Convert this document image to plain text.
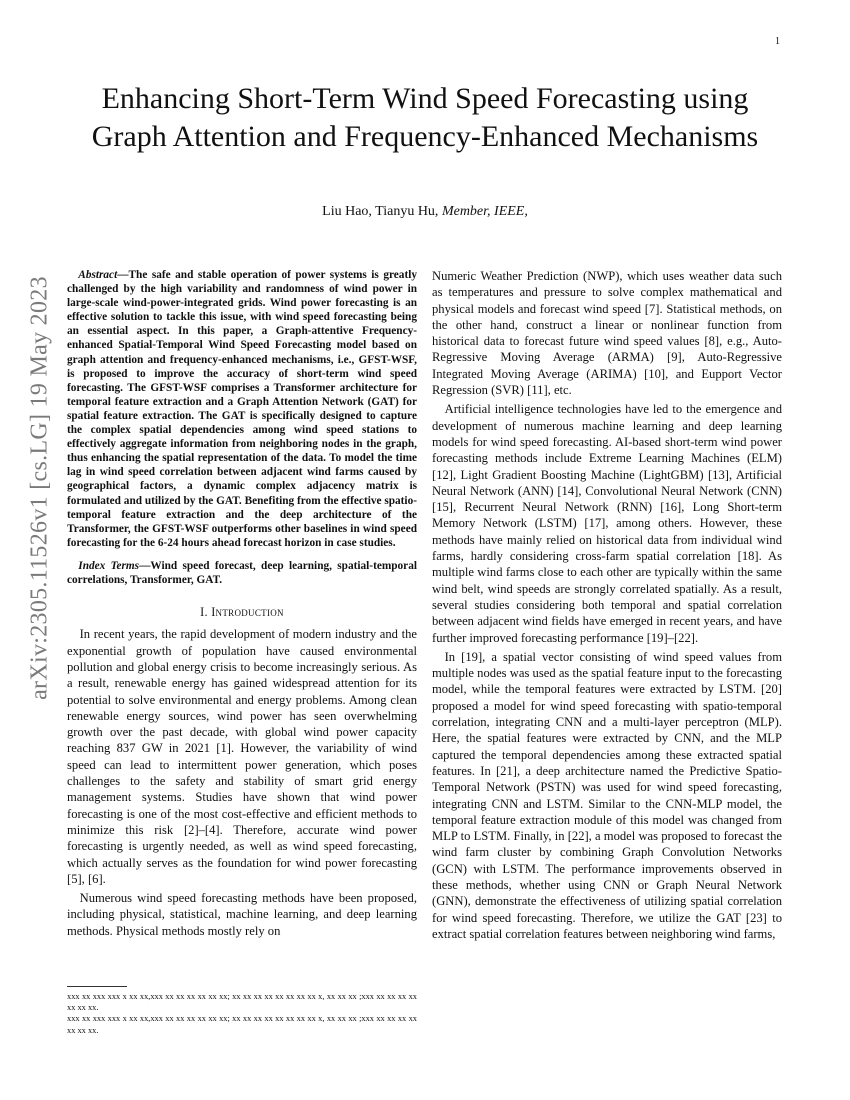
1
arXiv:2305.11526v1 [cs.LG] 19 May 2023
Enhancing Short-Term Wind Speed Forecasting using Graph Attention and Frequency-Enhanced Mechanisms
Liu Hao, Tianyu Hu, Member, IEEE,

Abstract—The safe and stable operation of power systems is greatly challenged by the high variability and randomness of wind power in large-scale wind-power-integrated grids. Wind power forecasting is an effective solution to tackle this issue, with wind speed forecasting being an essential aspect. In this paper, a Graph-attentive Frequency-enhanced Spatial-Temporal Wind Speed Forecasting model based on graph attention and frequency-enhanced mechanisms, i.e., GFST-WSF, is proposed to improve the accuracy of short-term wind speed forecasting. The GFST-WSF comprises a Transformer architecture for temporal feature extraction and a Graph Attention Network (GAT) for spatial feature extraction. The GAT is specifically designed to capture the complex spatial dependencies among wind speed stations to effectively aggregate information from neighboring nodes in the graph, thus enhancing the spatial representation of the data. To model the time lag in wind speed correlation between adjacent wind farms caused by geographical factors, a dynamic complex adjacency matrix is formulated and utilized by the GAT. Benefiting from the effective spatio-temporal feature extraction and the deep architecture of the Transformer, the GFST-WSF outperforms other baselines in wind speed forecasting for the 6-24 hours ahead forecast horizon in case studies.

Index Terms—Wind speed forecast, deep learning, spatial-temporal correlations, Transformer, GAT.

I. Introduction

In recent years, the rapid development of modern industry and the exponential growth of population have caused environmental pollution and global energy crisis to become increasingly serious. As a result, renewable energy has gained widespread attention for its potential to solve environmental and energy problems. Among clean renewable energy sources, wind power has seen overwhelming growth over the past decade, with global wind power capacity reaching 837 GW in 2021 [1]. However, the variability of wind speed can lead to intermittent power generation, which poses challenges to the safety and stability of smart grid energy management systems. Studies have shown that wind power forecasting is one of the most cost-effective and efficient methods to minimize this risk [2]–[4]. Therefore, accurate wind power forecasting is urgently needed, as well as wind speed forecasting, which actually serves as the foundation for wind power forecasting [5], [6].

Numerous wind speed forecasting methods have been proposed, including physical, statistical, machine learning, and deep learning methods. Physical methods mostly rely on

Numeric Weather Prediction (NWP), which uses weather data such as temperatures and pressure to solve complex mathematical and physical models and forecast wind speed [7]. Statistical methods, on the other hand, construct a linear or nonlinear function from historical data to forecast future wind speed values [8], e.g., Auto-Regressive Moving Average (ARMA) [9], Auto-Regressive Integrated Moving Average (ARIMA) [10], and Eupport Vector Regression (SVR) [11], etc.

Artificial intelligence technologies have led to the emergence and development of numerous machine learning and deep learning models for wind speed forecasting. AI-based short-term wind power forecasting methods include Extreme Learning Machines (ELM) [12], Light Gradient Boosting Machine (LightGBM) [13], Artificial Neural Network (ANN) [14], Convolutional Neural Network (CNN) [15], Recurrent Neural Network (RNN) [16], Long Short-term Memory Network (LSTM) [17], among others. However, these methods have mainly relied on historical data from individual wind farms, hardly considering cross-farm spatial correlation [18]. As multiple wind farms close to each other are typically within the same wind belt, wind speeds are strongly correlated spatially. As a result, several studies considering both temporal and spatial correlation between adjacent wind fields have emerged in recent years, and have further improved forecasting performance [19]–[22].

In [19], a spatial vector consisting of wind speed values from multiple nodes was used as the spatial feature input to the forecasting model, while the temporal features were extracted by LSTM. [20] proposed a model for wind speed forecasting with spatio-temporal correlation, integrating CNN and a multi-layer perceptron (MLP). Here, the spatial features were extracted by CNN, and the MLP captured the temporal dependencies among these extracted spatial features. In [21], a deep architecture named the Predictive Spatio-Temporal Network (PSTN) was used for wind speed forecasting, integrating CNN and LSTM. Similar to the CNN-MLP model, the temporal feature extraction module of this model was changed from MLP to LSTM. Finally, in [22], a model was proposed to forecast the wind farm cluster by combining Graph Convolution Networks (GCN) with LSTM. The performance improvements observed in these methods, whether using CNN or Graph Neural Network (GNN), demonstrate the effectiveness of utilizing spatial correlation for wind speed forecasting. Therefore, we utilize the GAT [23] to extract spatial correlation features between neighboring wind farms,

xxx xx xxx xxx x xx xx,xxx xx xx xx xx xx xx; xx xx xx xx xx xx xx xx x, xx xx xx ;xxx xx xx xx xx xx xx xx.
xxx xx xxx xxx x xx xx,xxx xx xx xx xx xx xx; xx xx xx xx xx xx xx xx x, xx xx xx ;xxx xx xx xx xx xx xx xx.
